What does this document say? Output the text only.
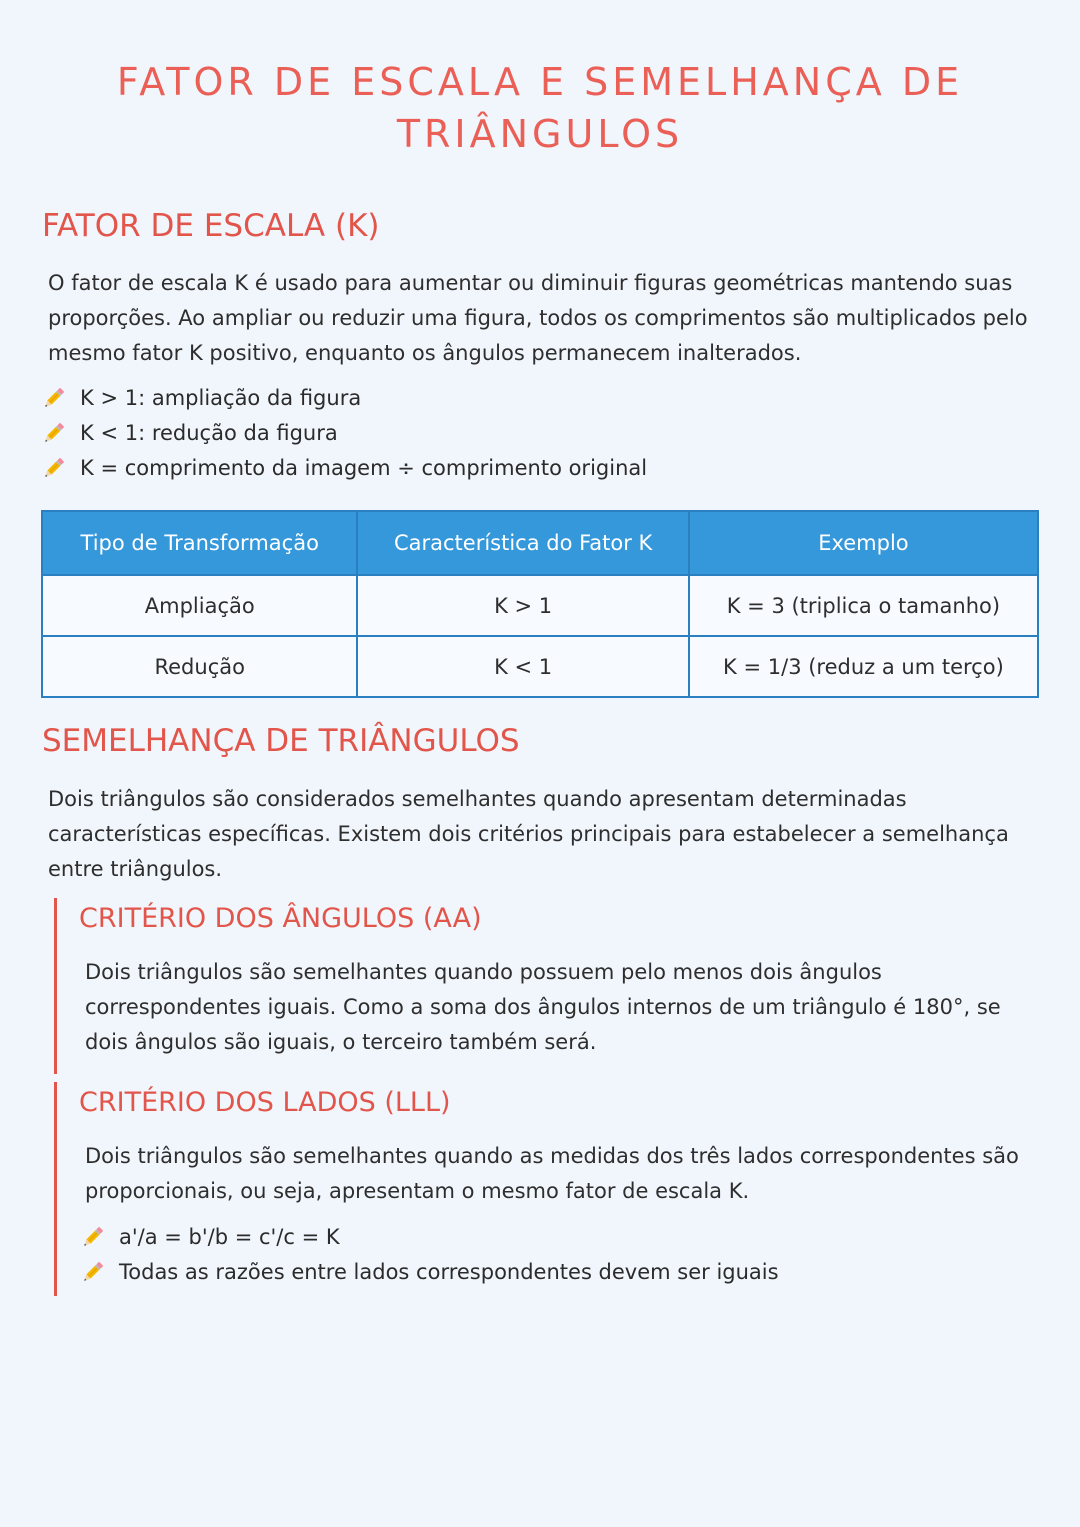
FATOR DE ESCALA E SEMELHANÇA DE
TRIÂNGULOS
FATOR DE ESCALA (K)

O fator de escala K é usado para aumentar ou diminuir figuras geométricas mantendo suas proporções. Ao ampliar ou reduzir uma figura, todos os comprimentos são multiplicados pelo mesmo fator K positivo, enquanto os ângulos permanecem inalterados.

K > 1: ampliação da figura
K < 1: redução da figura
K = comprimento da imagem ÷ comprimento original
Tipo de Transformação	Característica do Fator K	Exemplo
Ampliação	K > 1	K = 3 (triplica o tamanho)
Redução	K < 1	K = 1/3 (reduz a um terço)
SEMELHANÇA DE TRIÂNGULOS

Dois triângulos são considerados semelhantes quando apresentam determinadas características específicas. Existem dois critérios principais para estabelecer a semelhança entre triângulos.

CRITÉRIO DOS ÂNGULOS (AA)

Dois triângulos são semelhantes quando possuem pelo menos dois ângulos correspondentes iguais. Como a soma dos ângulos internos de um triângulo é 180°, se dois ângulos são iguais, o terceiro também será.

CRITÉRIO DOS LADOS (LLL)

Dois triângulos são semelhantes quando as medidas dos três lados correspondentes são proporcionais, ou seja, apresentam o mesmo fator de escala K.

a'/a = b'/b = c'/c = K
Todas as razões entre lados correspondentes devem ser iguais
